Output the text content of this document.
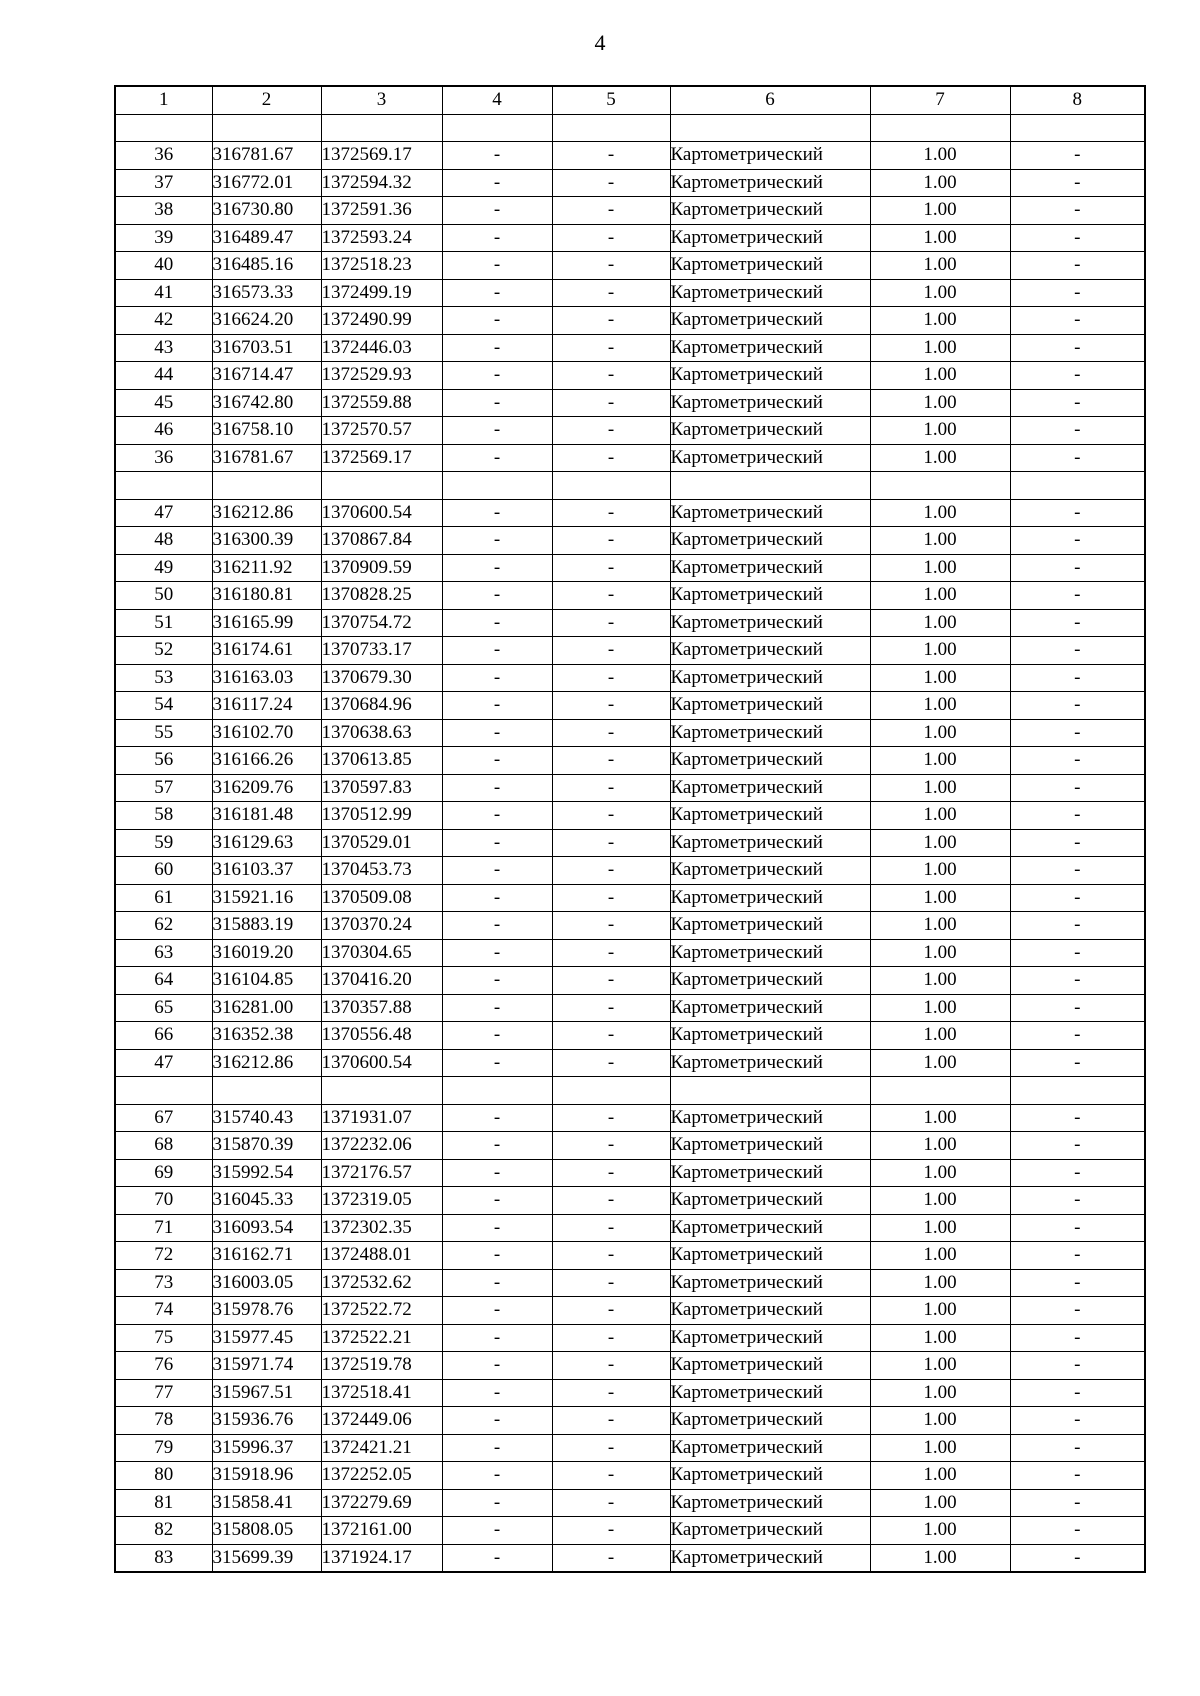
4
1	2	3	4	5	6	7	8

36	316781.67	1372569.17	-	-	Картометрический	1.00	-
37	316772.01	1372594.32	-	-	Картометрический	1.00	-
38	316730.80	1372591.36	-	-	Картометрический	1.00	-
39	316489.47	1372593.24	-	-	Картометрический	1.00	-
40	316485.16	1372518.23	-	-	Картометрический	1.00	-
41	316573.33	1372499.19	-	-	Картометрический	1.00	-
42	316624.20	1372490.99	-	-	Картометрический	1.00	-
43	316703.51	1372446.03	-	-	Картометрический	1.00	-
44	316714.47	1372529.93	-	-	Картометрический	1.00	-
45	316742.80	1372559.88	-	-	Картометрический	1.00	-
46	316758.10	1372570.57	-	-	Картометрический	1.00	-
36	316781.67	1372569.17	-	-	Картометрический	1.00	-

47	316212.86	1370600.54	-	-	Картометрический	1.00	-
48	316300.39	1370867.84	-	-	Картометрический	1.00	-
49	316211.92	1370909.59	-	-	Картометрический	1.00	-
50	316180.81	1370828.25	-	-	Картометрический	1.00	-
51	316165.99	1370754.72	-	-	Картометрический	1.00	-
52	316174.61	1370733.17	-	-	Картометрический	1.00	-
53	316163.03	1370679.30	-	-	Картометрический	1.00	-
54	316117.24	1370684.96	-	-	Картометрический	1.00	-
55	316102.70	1370638.63	-	-	Картометрический	1.00	-
56	316166.26	1370613.85	-	-	Картометрический	1.00	-
57	316209.76	1370597.83	-	-	Картометрический	1.00	-
58	316181.48	1370512.99	-	-	Картометрический	1.00	-
59	316129.63	1370529.01	-	-	Картометрический	1.00	-
60	316103.37	1370453.73	-	-	Картометрический	1.00	-
61	315921.16	1370509.08	-	-	Картометрический	1.00	-
62	315883.19	1370370.24	-	-	Картометрический	1.00	-
63	316019.20	1370304.65	-	-	Картометрический	1.00	-
64	316104.85	1370416.20	-	-	Картометрический	1.00	-
65	316281.00	1370357.88	-	-	Картометрический	1.00	-
66	316352.38	1370556.48	-	-	Картометрический	1.00	-
47	316212.86	1370600.54	-	-	Картометрический	1.00	-

67	315740.43	1371931.07	-	-	Картометрический	1.00	-
68	315870.39	1372232.06	-	-	Картометрический	1.00	-
69	315992.54	1372176.57	-	-	Картометрический	1.00	-
70	316045.33	1372319.05	-	-	Картометрический	1.00	-
71	316093.54	1372302.35	-	-	Картометрический	1.00	-
72	316162.71	1372488.01	-	-	Картометрический	1.00	-
73	316003.05	1372532.62	-	-	Картометрический	1.00	-
74	315978.76	1372522.72	-	-	Картометрический	1.00	-
75	315977.45	1372522.21	-	-	Картометрический	1.00	-
76	315971.74	1372519.78	-	-	Картометрический	1.00	-
77	315967.51	1372518.41	-	-	Картометрический	1.00	-
78	315936.76	1372449.06	-	-	Картометрический	1.00	-
79	315996.37	1372421.21	-	-	Картометрический	1.00	-
80	315918.96	1372252.05	-	-	Картометрический	1.00	-
81	315858.41	1372279.69	-	-	Картометрический	1.00	-
82	315808.05	1372161.00	-	-	Картометрический	1.00	-
83	315699.39	1371924.17	-	-	Картометрический	1.00	-
